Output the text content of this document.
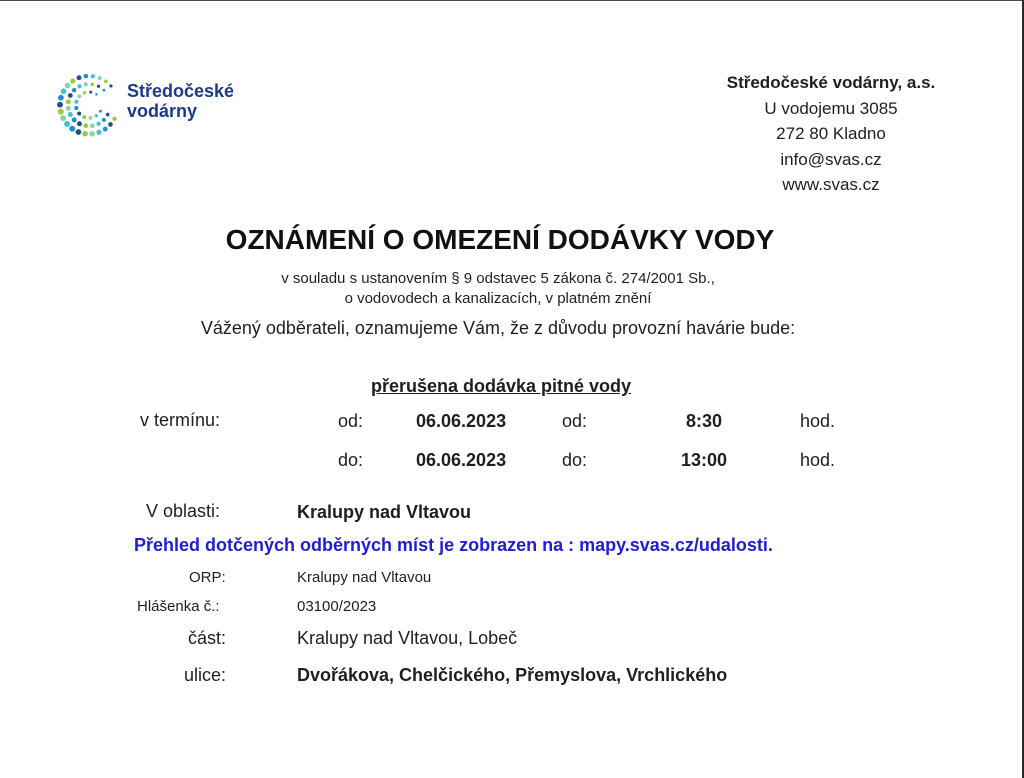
Středočeské
vodárny
Středočeské vodárny, a.s.
U vodojemu 3085
272 80 Kladno
info@svas.cz
www.svas.cz
OZNÁMENÍ O OMEZENÍ DODÁVKY VODY
v souladu s ustanovením § 9 odstavec 5 zákona č. 274/2001 Sb.,
o vodovodech a kanalizacích, v platném znění
Vážený odběrateli, oznamujeme Vám, že z důvodu provozní havárie bude:
přerušena dodávka pitné vody
v termínu:	od:	06.06.2023	od:	8:30	hod.
do:	06.06.2023	do:	13:00	hod.
V oblasti:	Kralupy nad Vltavou
Přehled dotčených odběrných míst je zobrazen na : mapy.svas.cz/udalosti.
ORP:	Kralupy nad Vltavou
Hlášenka č.:	03100/2023
část:	Kralupy nad Vltavou, Lobeč
ulice:	Dvořákova, Chelčického, Přemyslova, Vrchlického
